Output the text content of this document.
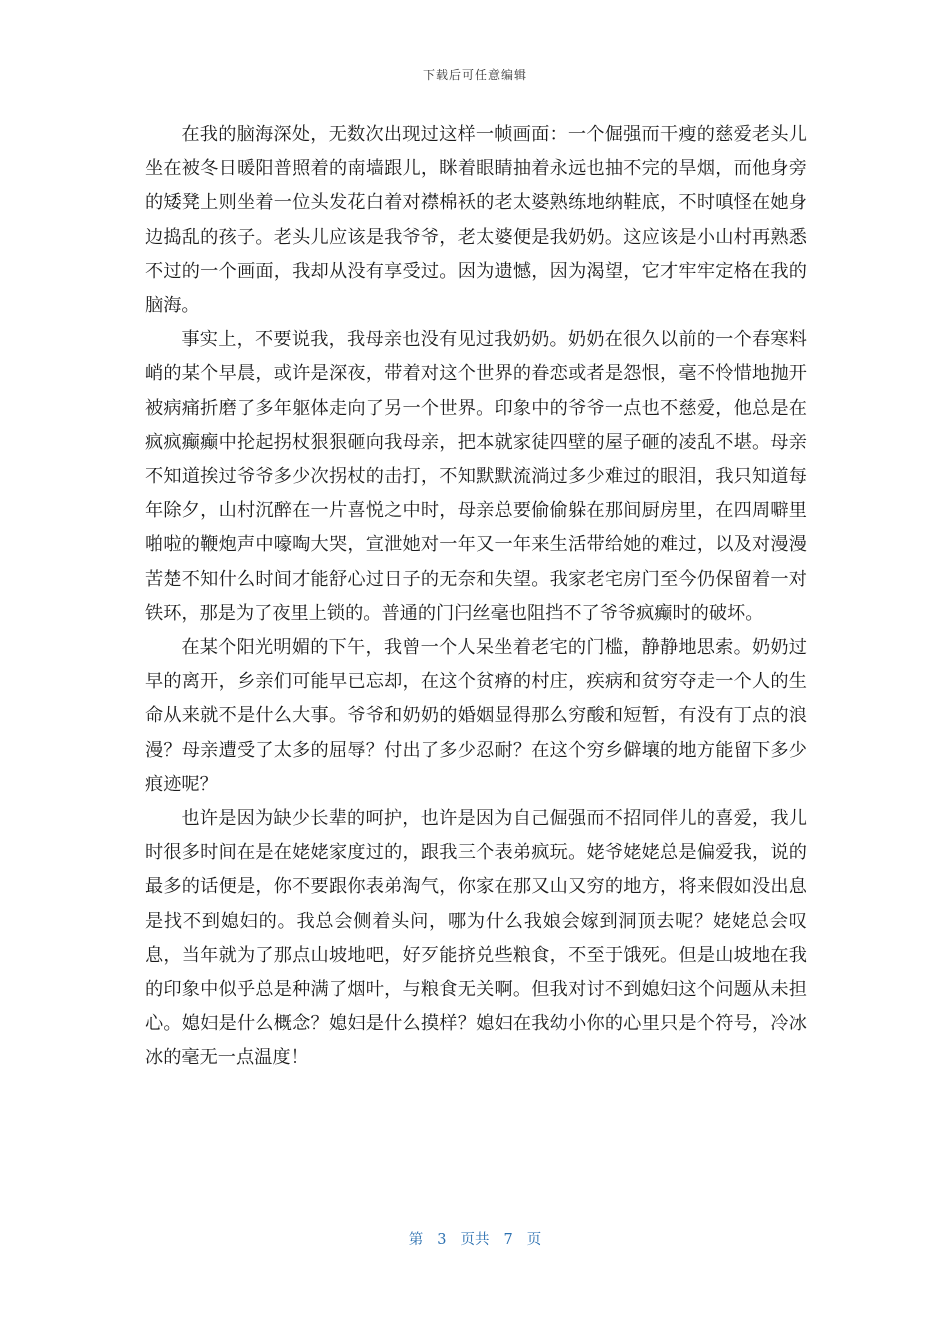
下载后可任意编辑

在我的脑海深处，无数次出现过这样一帧画面：一个倔强而干瘦的慈爱老头儿坐在被冬日暖阳普照着的南墙跟儿，眯着眼睛抽着永远也抽不完的旱烟，而他身旁的矮凳上则坐着一位头发花白着对襟棉袄的老太婆熟练地纳鞋底，不时嗔怪在她身边捣乱的孩子。老头儿应该是我爷爷，老太婆便是我奶奶。这应该是小山村再熟悉不过的一个画面，我却从没有享受过。因为遗憾，因为渴望，它才牢牢定格在我的脑海。

事实上，不要说我，我母亲也没有见过我奶奶。奶奶在很久以前的一个春寒料峭的某个早晨，或许是深夜，带着对这个世界的眷恋或者是怨恨，毫不怜惜地抛开被病痛折磨了多年躯体走向了另一个世界。印象中的爷爷一点也不慈爱，他总是在疯疯癫癫中抡起拐杖狠狠砸向我母亲，把本就家徒四壁的屋子砸的凌乱不堪。母亲不知道挨过爷爷多少次拐杖的击打，不知默默流淌过多少难过的眼泪，我只知道每年除夕，山村沉醉在一片喜悦之中时，母亲总要偷偷躲在那间厨房里，在四周噼里啪啦的鞭炮声中嚎啕大哭，宣泄她对一年又一年来生活带给她的难过，以及对漫漫苦楚不知什么时间才能舒心过日子的无奈和失望。我家老宅房门至今仍保留着一对铁环，那是为了夜里上锁的。普通的门闩丝毫也阻挡不了爷爷疯癫时的破坏。

在某个阳光明媚的下午，我曾一个人呆坐着老宅的门槛，静静地思索。奶奶过早的离开，乡亲们可能早已忘却，在这个贫瘠的村庄，疾病和贫穷夺走一个人的生命从来就不是什么大事。爷爷和奶奶的婚姻显得那么穷酸和短暂，有没有丁点的浪漫？母亲遭受了太多的屈辱？付出了多少忍耐？在这个穷乡僻壤的地方能留下多少痕迹呢？

也许是因为缺少长辈的呵护，也许是因为自己倔强而不招同伴儿的喜爱，我儿时很多时间在是在姥姥家度过的，跟我三个表弟疯玩。姥爷姥姥总是偏爱我，说的最多的话便是，你不要跟你表弟淘气，你家在那又山又穷的地方，将来假如没出息是找不到媳妇的。我总会侧着头问，哪为什么我娘会嫁到洞顶去呢？姥姥总会叹息，当年就为了那点山坡地吧，好歹能挤兑些粮食，不至于饿死。但是山坡地在我的印象中似乎总是种满了烟叶，与粮食无关啊。但我对讨不到媳妇这个问题从未担心。媳妇是什么概念？媳妇是什么摸样？媳妇在我幼小你的心里只是个符号，冷冰冰的毫无一点温度！

第 3 页共 7 页
